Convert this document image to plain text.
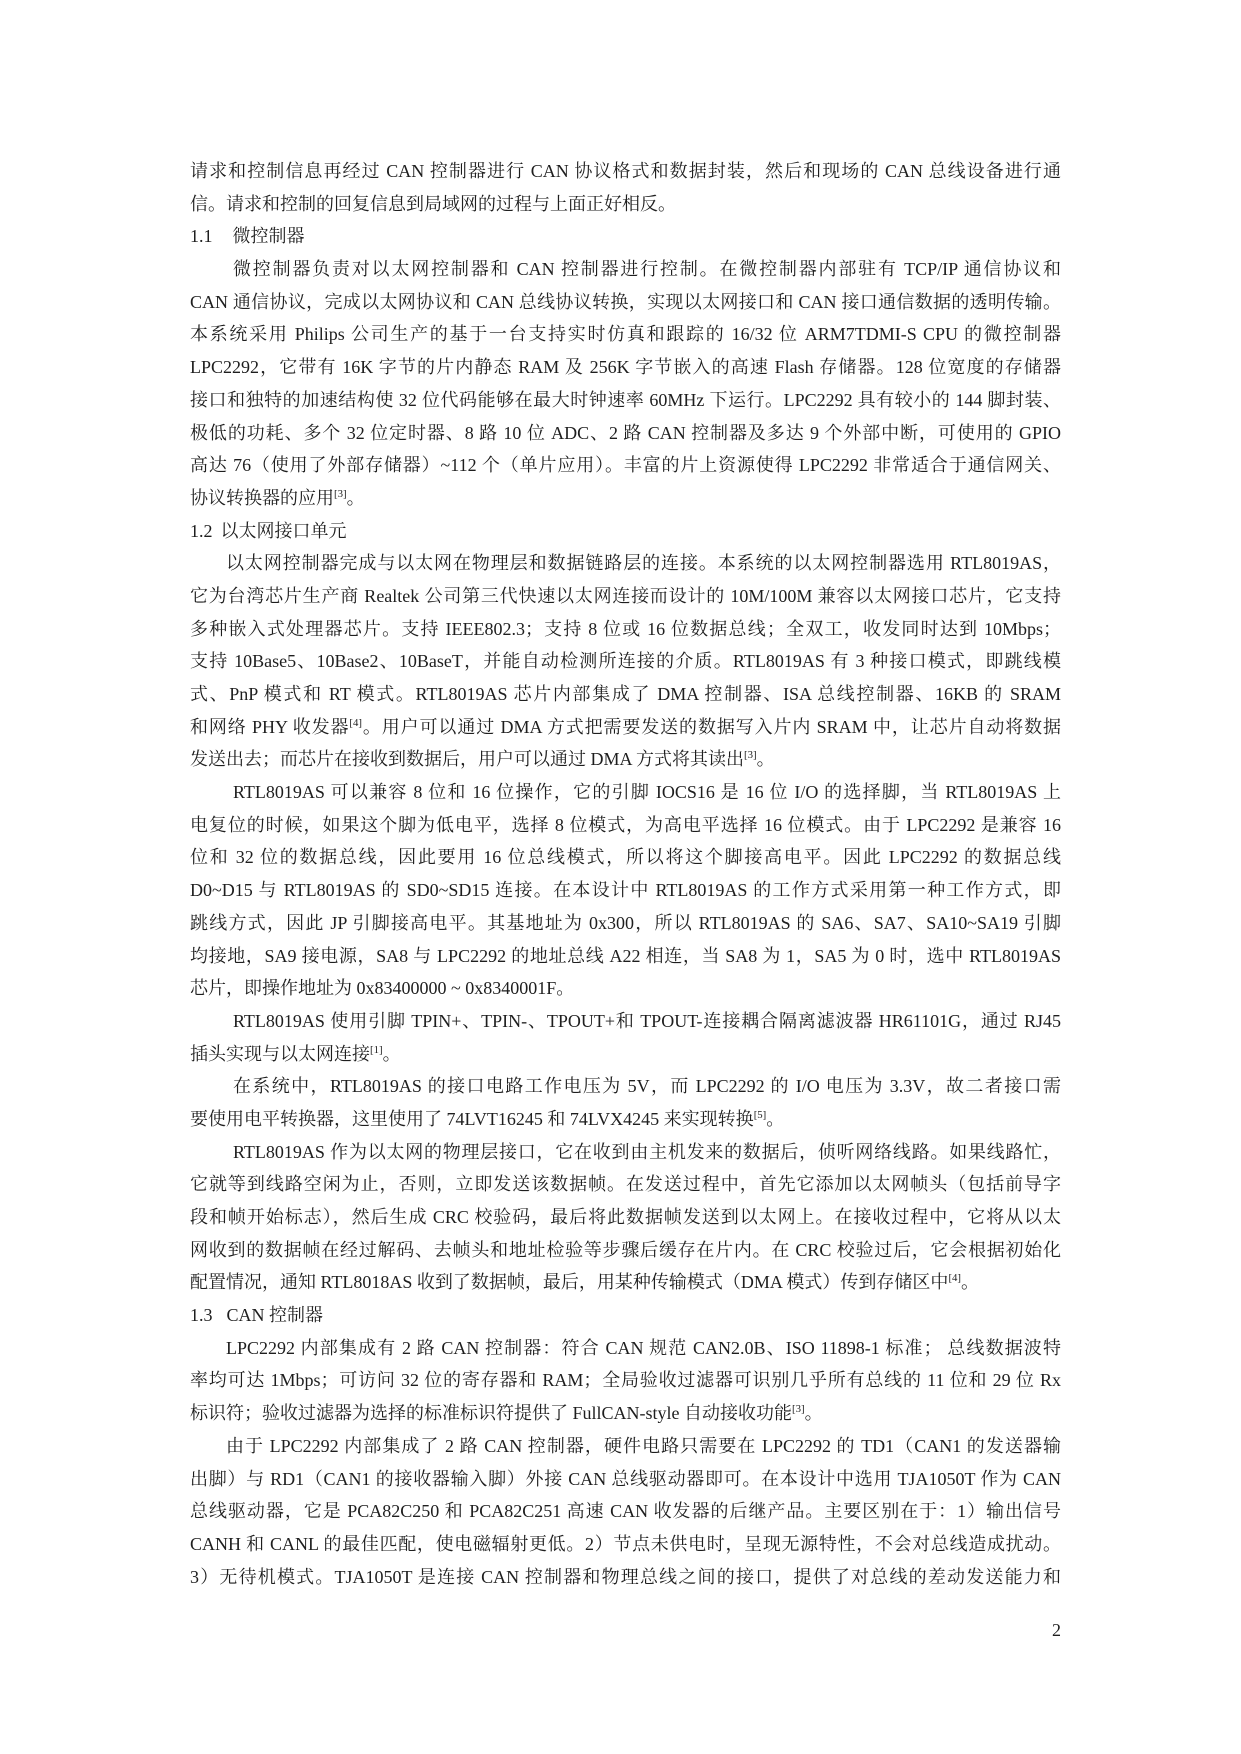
请求和控制信息再经过 CAN 控制器进行 CAN 协议格式和数据封装，然后和现场的 CAN 总线设备进行通
信。请求和控制的回复信息到局域网的过程与上面正好相反。
1.1 微控制器
微控制器负责对以太网控制器和 CAN 控制器进行控制。在微控制器内部驻有 TCP/IP 通信协议和
CAN 通信协议，完成以太网协议和 CAN 总线协议转换，实现以太网接口和 CAN 接口通信数据的透明传输。
本系统采用 Philips 公司生产的基于一台支持实时仿真和跟踪的 16/32 位 ARM7TDMI-S CPU 的微控制器
LPC2292，它带有 16K 字节的片内静态 RAM 及 256K 字节嵌入的高速 Flash 存储器。128 位宽度的存储器
接口和独特的加速结构使 32 位代码能够在最大时钟速率 60MHz 下运行。LPC2292 具有较小的 144 脚封装、
极低的功耗、多个 32 位定时器、8 路 10 位 ADC、2 路 CAN 控制器及多达 9 个外部中断，可使用的 GPIO
高达 76（使用了外部存储器）~112 个（单片应用）。丰富的片上资源使得 LPC2292 非常适合于通信网关、
协议转换器的应用[3]。
1.2 以太网接口单元
以太网控制器完成与以太网在物理层和数据链路层的连接。本系统的以太网控制器选用 RTL8019AS，
它为台湾芯片生产商 Realtek 公司第三代快速以太网连接而设计的 10M/100M 兼容以太网接口芯片，它支持
多种嵌入式处理器芯片。支持 IEEE802.3；支持 8 位或 16 位数据总线；全双工，收发同时达到 10Mbps；
支持 10Base5、10Base2、10BaseT，并能自动检测所连接的介质。RTL8019AS 有 3 种接口模式，即跳线模
式、PnP 模式和 RT 模式。RTL8019AS 芯片内部集成了 DMA 控制器、ISA 总线控制器、16KB 的 SRAM
和网络 PHY 收发器[4]。用户可以通过 DMA 方式把需要发送的数据写入片内 SRAM 中，让芯片自动将数据
发送出去；而芯片在接收到数据后，用户可以通过 DMA 方式将其读出[3]。
RTL8019AS 可以兼容 8 位和 16 位操作，它的引脚 IOCS16 是 16 位 I/O 的选择脚，当 RTL8019AS 上
电复位的时候，如果这个脚为低电平，选择 8 位模式，为高电平选择 16 位模式。由于 LPC2292 是兼容 16
位和 32 位的数据总线，因此要用 16 位总线模式，所以将这个脚接高电平。因此 LPC2292 的数据总线
D0~D15 与 RTL8019AS 的 SD0~SD15 连接。在本设计中 RTL8019AS 的工作方式采用第一种工作方式，即
跳线方式，因此 JP 引脚接高电平。其基地址为 0x300，所以 RTL8019AS 的 SA6、SA7、SA10~SA19 引脚
均接地，SA9 接电源，SA8 与 LPC2292 的地址总线 A22 相连，当 SA8 为 1，SA5 为 0 时，选中 RTL8019AS
芯片，即操作地址为 0x83400000 ~ 0x8340001F。
RTL8019AS 使用引脚 TPIN+、TPIN-、TPOUT+和 TPOUT-连接耦合隔离滤波器 HR61101G，通过 RJ45
插头实现与以太网连接[1]。
在系统中，RTL8019AS 的接口电路工作电压为 5V，而 LPC2292 的 I/O 电压为 3.3V，故二者接口需
要使用电平转换器，这里使用了 74LVT16245 和 74LVX4245 来实现转换[5]。
RTL8019AS 作为以太网的物理层接口，它在收到由主机发来的数据后，侦听网络线路。如果线路忙，
它就等到线路空闲为止，否则，立即发送该数据帧。在发送过程中，首先它添加以太网帧头（包括前导字
段和帧开始标志），然后生成 CRC 校验码，最后将此数据帧发送到以太网上。在接收过程中，它将从以太
网收到的数据帧在经过解码、去帧头和地址检验等步骤后缓存在片内。在 CRC 校验过后，它会根据初始化
配置情况，通知 RTL8018AS 收到了数据帧，最后，用某种传输模式（DMA 模式）传到存储区中[4]。
1.3 CAN 控制器
LPC2292 内部集成有 2 路 CAN 控制器：符合 CAN 规范 CAN2.0B、ISO 11898-1 标准； 总线数据波特
率均可达 1Mbps；可访问 32 位的寄存器和 RAM；全局验收过滤器可识别几乎所有总线的 11 位和 29 位 Rx
标识符；验收过滤器为选择的标准标识符提供了 FullCAN-style 自动接收功能[3]。
由于 LPC2292 内部集成了 2 路 CAN 控制器，硬件电路只需要在 LPC2292 的 TD1（CAN1 的发送器输
出脚）与 RD1（CAN1 的接收器输入脚）外接 CAN 总线驱动器即可。在本设计中选用 TJA1050T 作为 CAN
总线驱动器，它是 PCA82C250 和 PCA82C251 高速 CAN 收发器的后继产品。主要区别在于：1）输出信号
CANH 和 CANL 的最佳匹配，使电磁辐射更低。2）节点未供电时，呈现无源特性，不会对总线造成扰动。
3）无待机模式。TJA1050T 是连接 CAN 控制器和物理总线之间的接口，提供了对总线的差动发送能力和
2
